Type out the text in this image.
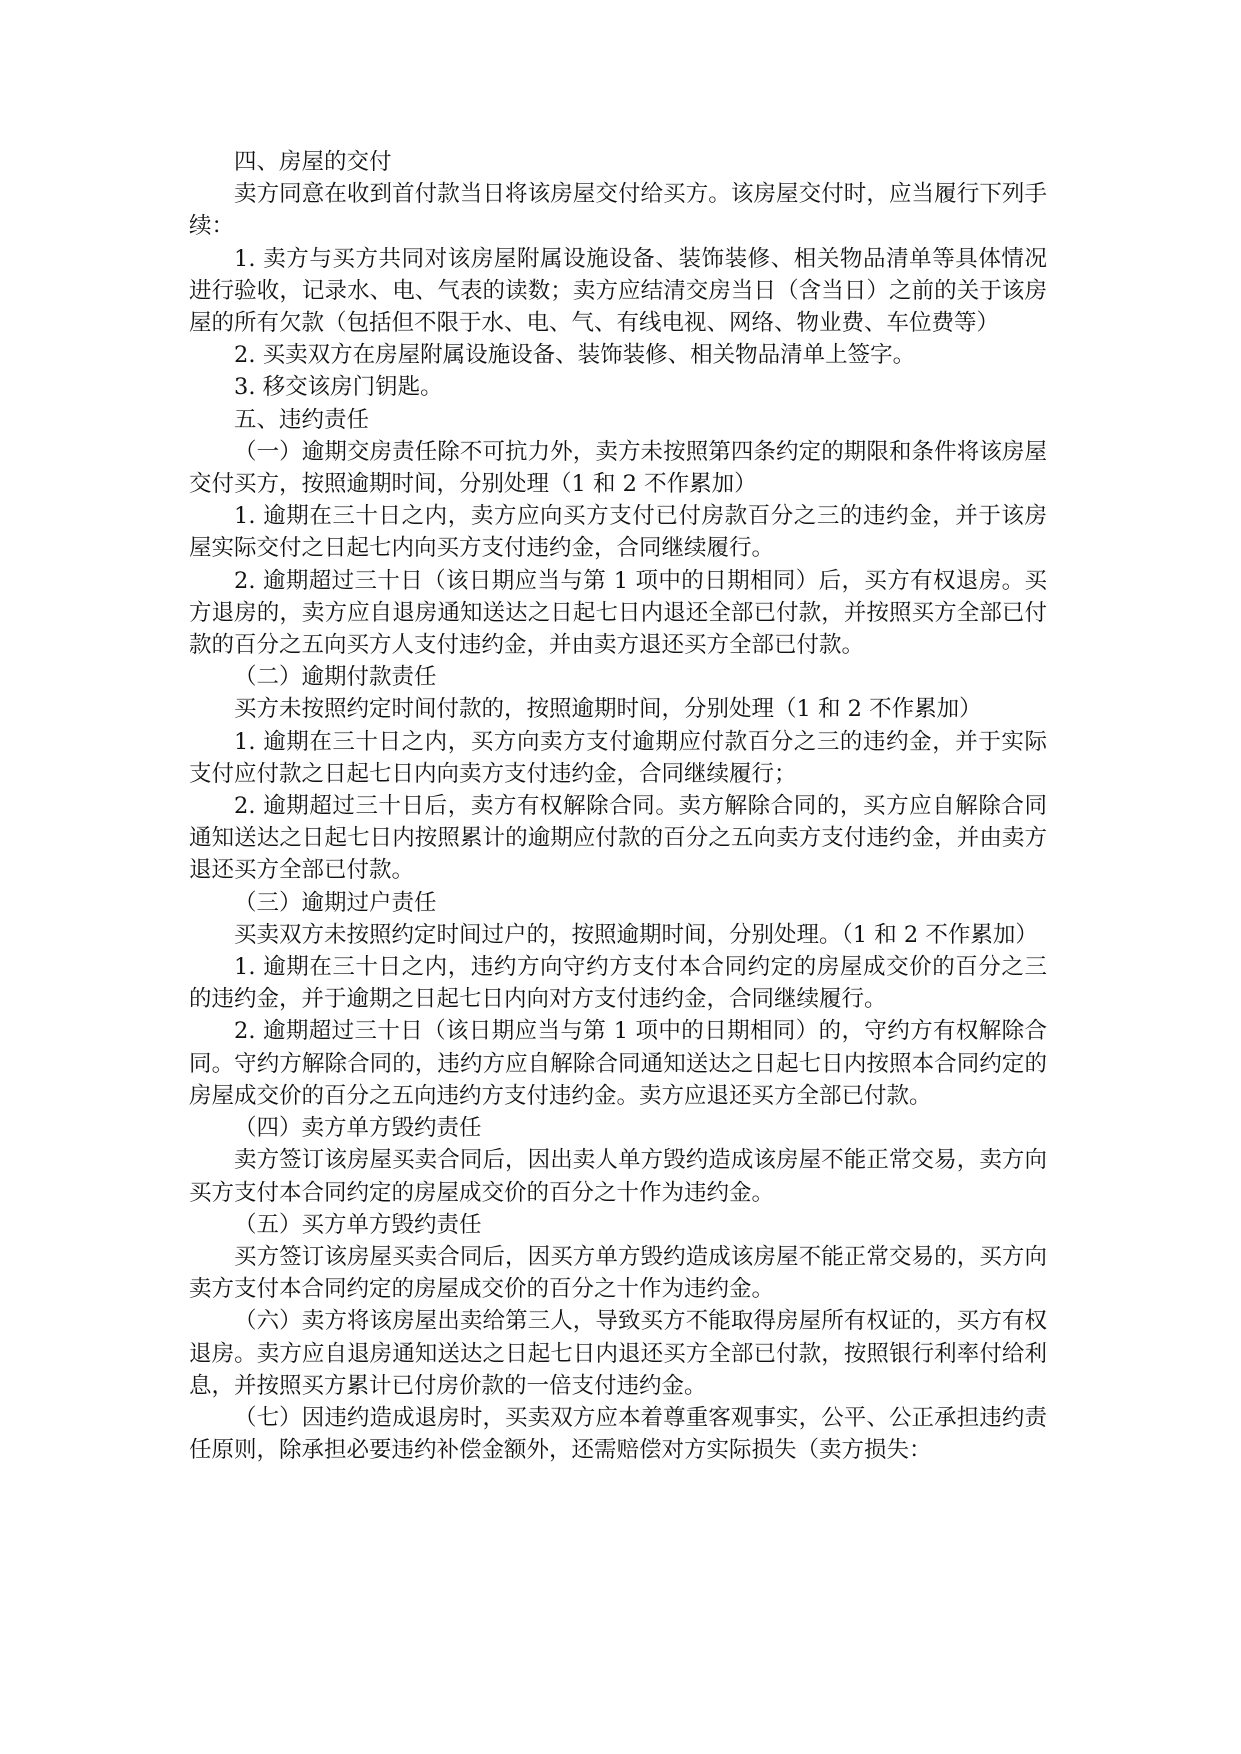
四、房屋的交付

卖方同意在收到首付款当日将该房屋交付给买方。该房屋交付时，应当履行下列手续：

1. 卖方与买方共同对该房屋附属设施设备、装饰装修、相关物品清单等具体情况进行验收，记录水、电、气表的读数；卖方应结清交房当日（含当日）之前的关于该房屋的所有欠款（包括但不限于水、电、气、有线电视、网络、物业费、车位费等）

2. 买卖双方在房屋附属设施设备、装饰装修、相关物品清单上签字。

3. 移交该房门钥匙。

五、违约责任

（一）逾期交房责任除不可抗力外，卖方未按照第四条约定的期限和条件将该房屋交付买方，按照逾期时间，分别处理（1 和 2 不作累加）

1. 逾期在三十日之内，卖方应向买方支付已付房款百分之三的违约金，并于该房屋实际交付之日起七内向买方支付违约金，合同继续履行。

2. 逾期超过三十日（该日期应当与第 1 项中的日期相同）后，买方有权退房。买方退房的，卖方应自退房通知送达之日起七日内退还全部已付款，并按照买方全部已付款的百分之五向买方人支付违约金，并由卖方退还买方全部已付款。

（二）逾期付款责任

买方未按照约定时间付款的，按照逾期时间，分别处理（1 和 2 不作累加）

1. 逾期在三十日之内，买方向卖方支付逾期应付款百分之三的违约金，并于实际支付应付款之日起七日内向卖方支付违约金，合同继续履行；

2. 逾期超过三十日后，卖方有权解除合同。卖方解除合同的，买方应自解除合同通知送达之日起七日内按照累计的逾期应付款的百分之五向卖方支付违约金，并由卖方退还买方全部已付款。

（三）逾期过户责任

买卖双方未按照约定时间过户的，按照逾期时间，分别处理。（1 和 2 不作累加）

1. 逾期在三十日之内，违约方向守约方支付本合同约定的房屋成交价的百分之三的违约金，并于逾期之日起七日内向对方支付违约金，合同继续履行。

2. 逾期超过三十日（该日期应当与第 1 项中的日期相同）的，守约方有权解除合同。守约方解除合同的，违约方应自解除合同通知送达之日起七日内按照本合同约定的房屋成交价的百分之五向违约方支付违约金。卖方应退还买方全部已付款。

（四）卖方单方毁约责任

卖方签订该房屋买卖合同后，因出卖人单方毁约造成该房屋不能正常交易，卖方向买方支付本合同约定的房屋成交价的百分之十作为违约金。

（五）买方单方毁约责任

买方签订该房屋买卖合同后，因买方单方毁约造成该房屋不能正常交易的，买方向卖方支付本合同约定的房屋成交价的百分之十作为违约金。

（六）卖方将该房屋出卖给第三人，导致买方不能取得房屋所有权证的，买方有权退房。卖方应自退房通知送达之日起七日内退还买方全部已付款，按照银行利率付给利息，并按照买方累计已付房价款的一倍支付违约金。

（七）因违约造成退房时，买卖双方应本着尊重客观事实，公平、公正承担违约责任原则，除承担必要违约补偿金额外，还需赔偿对方实际损失（卖方损失：
